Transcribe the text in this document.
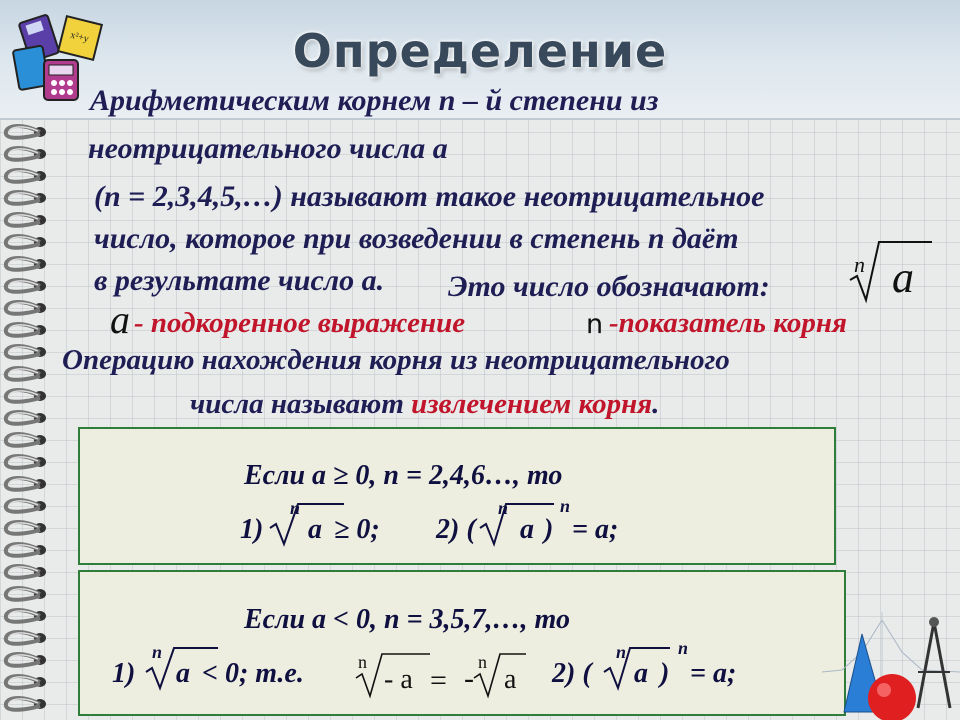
x²+y	Определение
Арифметическим корнем n – й степени из
неотрицательного числа а
(n = 2,3,4,5,…) называют такое неотрицательное
число, которое при возведении в степень n даёт
в результате число а. Это число обозначают:
n a
a - подкоренное выражение	n -показатель корня
Операцию нахождения корня из неотрицательного
числа называют извлечением корня.
Если а ≥ 0, n = 2,4,6…, то
1)
n
a ≥ 0; 2) (
n
a )
n
= a;
Если а < 0, n = 3,5,7,…, то
1)
n
a < 0; т.е.	n
- a = - n
a 2) (
n
a )
n
= a;
